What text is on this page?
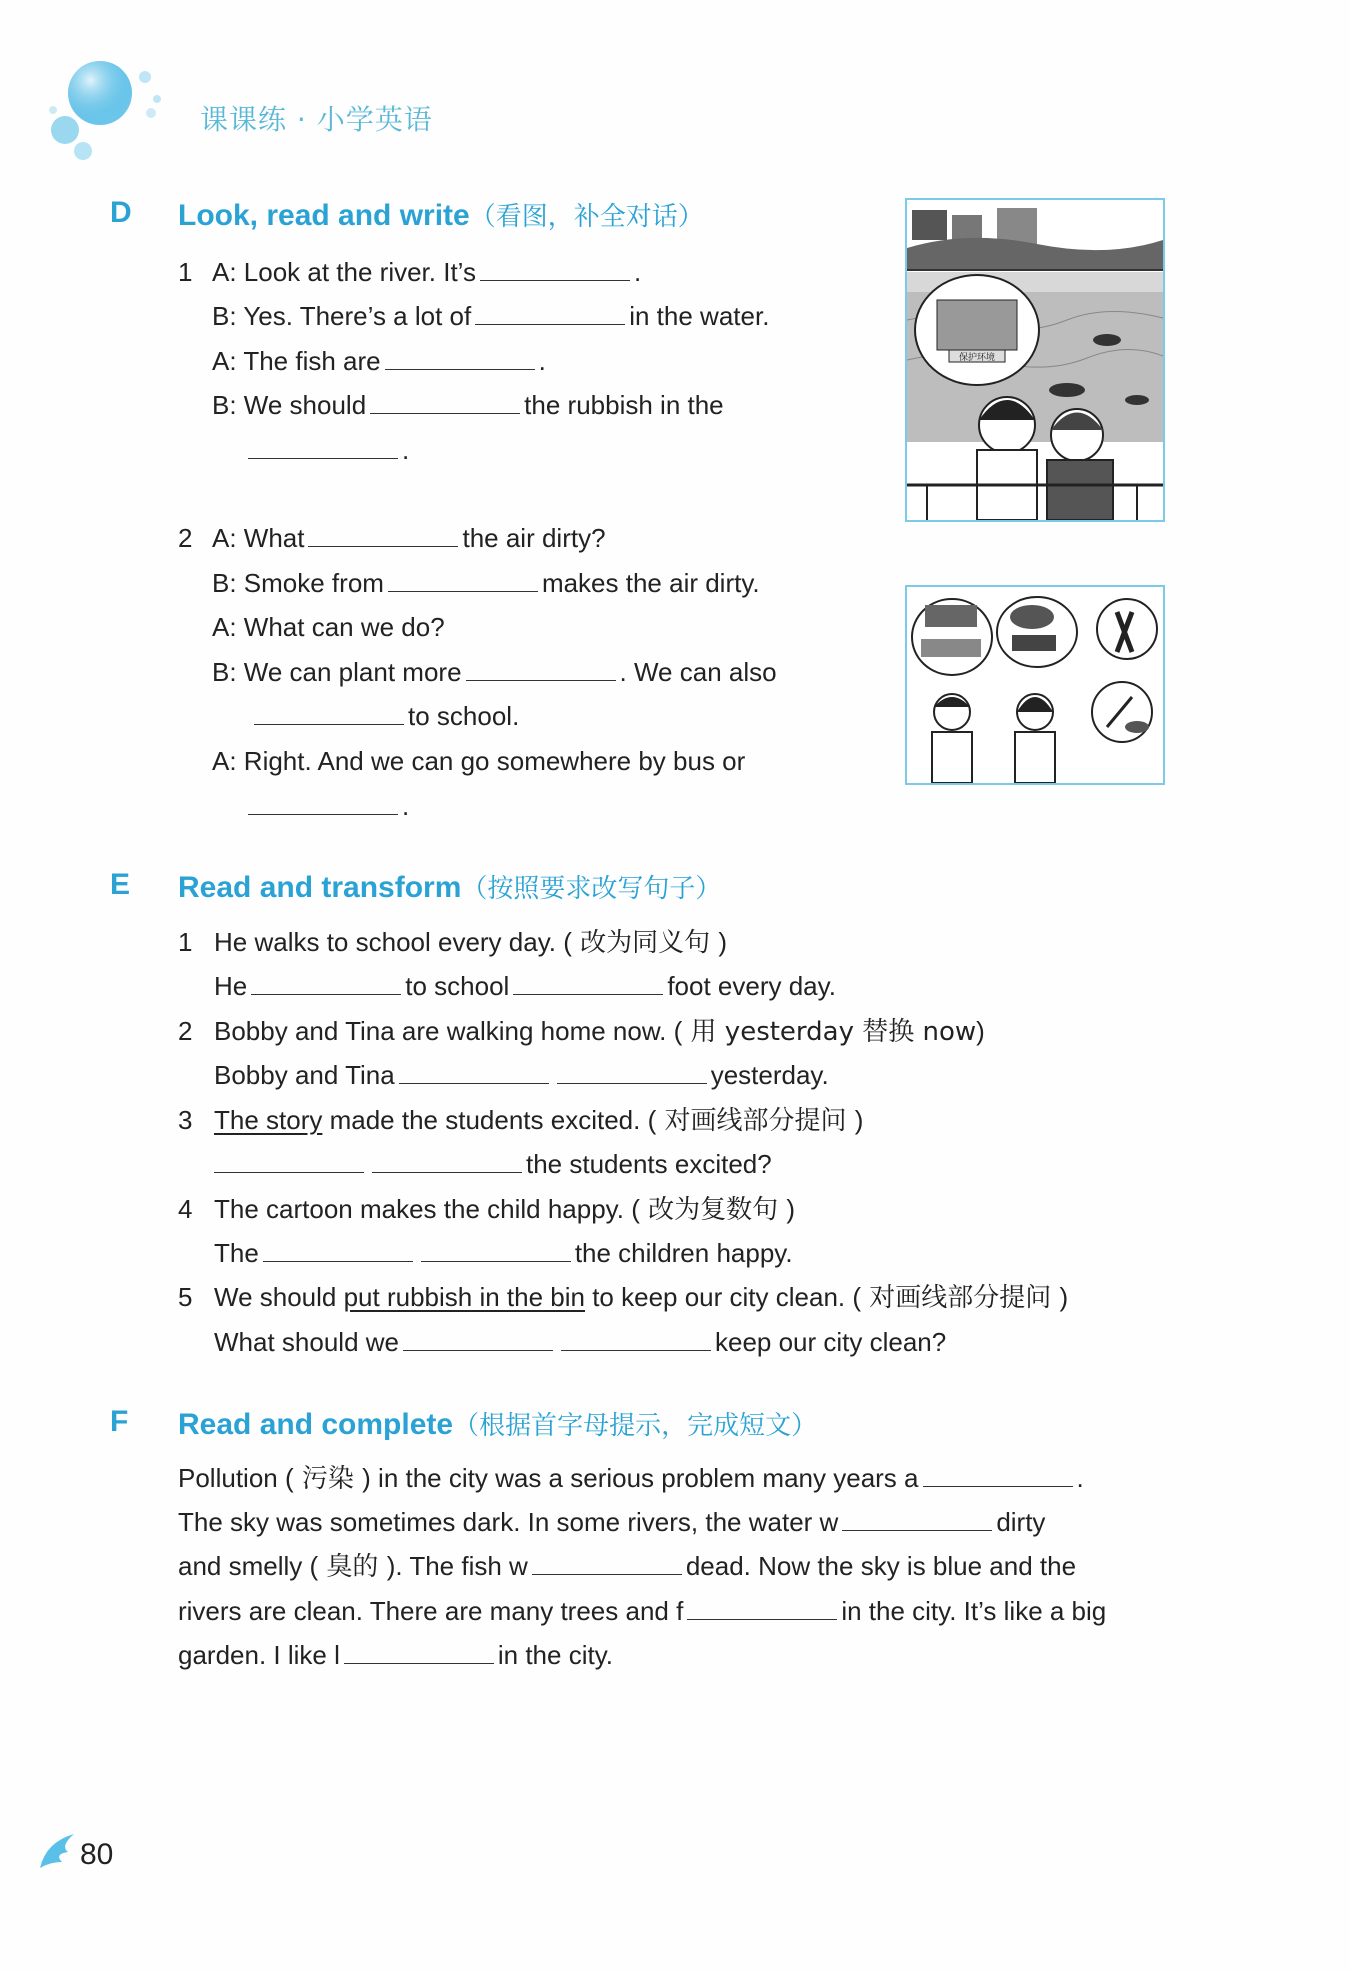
课课练 · 小学英语
D Look, read and write（看图，补全对话）
1 A: Look at the river. It’s	.
B: Yes. There’s a lot of	in the water.
A: The fish are	.
B: We should	the rubbish in the
.
2 A: What	the air dirty?
B: Smoke from	makes the air dirty.
A: What can we do?
B: We can plant more	. We can also
to school.
A: Right. And we can go somewhere by bus or
.
保护环境
E Read and transform（按照要求改写句子）
1 He walks to school every day. ( 改为同义句 )
He	to school	foot every day.
2 Bobby and Tina are walking home now. ( 用 yesterday 替换 now)
Bobby and Tina	yesterday.
3 The story made the students excited. ( 对画线部分提问 )
the students excited?
4 The cartoon makes the child happy. ( 改为复数句 )
The	the children happy.
5 We should put rubbish in the bin to keep our city clean. ( 对画线部分提问 )
What should we	keep our city clean?
F Read and complete（根据首字母提示，完成短文）
Pollution ( 污染 ) in the city was a serious problem many years a	.
The sky was sometimes dark. In some rivers, the water w	dirty
and smelly ( 臭的 ). The fish w	dead. Now the sky is blue and the
rivers are clean. There are many trees and f	in the city. It’s like a big
garden. I like l	in the city.
80
